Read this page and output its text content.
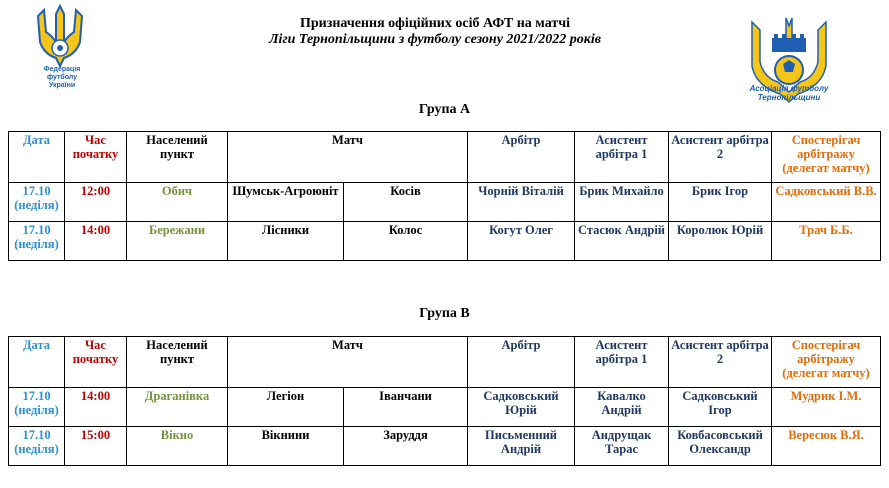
Федерація
футболу
України
Призначення офіційних осіб АФТ на матчі
Ліги Тернопільщини з футболу сезону 2021/2022 років
Асоціація футболу
Тернопільщини
Група А
Дата	Час початку	Населений пункт	Матч		Арбітр	Асистент арбітра 1	Асистент арбітра 2	Спостерігач арбітражу (делегат матчу)
17.10 (неділя)	12:00	Обич	Шумськ-Агроюніт	Косів	Чорній Віталій	Брик Михайло	Брик Ігор	Садковський В.В.
17.10 (неділя)	14:00	Бережани	Лісники	Колос	Когут Олег	Стасюк Андрій	Королюк Юрій	Трач Б.Б.
Група В
Дата	Час початку	Населений пункт	Матч		Арбітр	Асистент арбітра 1	Асистент арбітра 2	Спостерігач арбітражу (делегат матчу)
17.10 (неділя)	14:00	Драганівка	Легіон	Іванчани	Садковський Юрій	Кавалко Андрій	Садковський Ігор	Мудрик І.М.
17.10 (неділя)	15:00	Вікно	Вікнини	Заруддя	Письменний Андрій	Андрущак Тарас	Ковбасовський Олександр	Вересюк В.Я.
